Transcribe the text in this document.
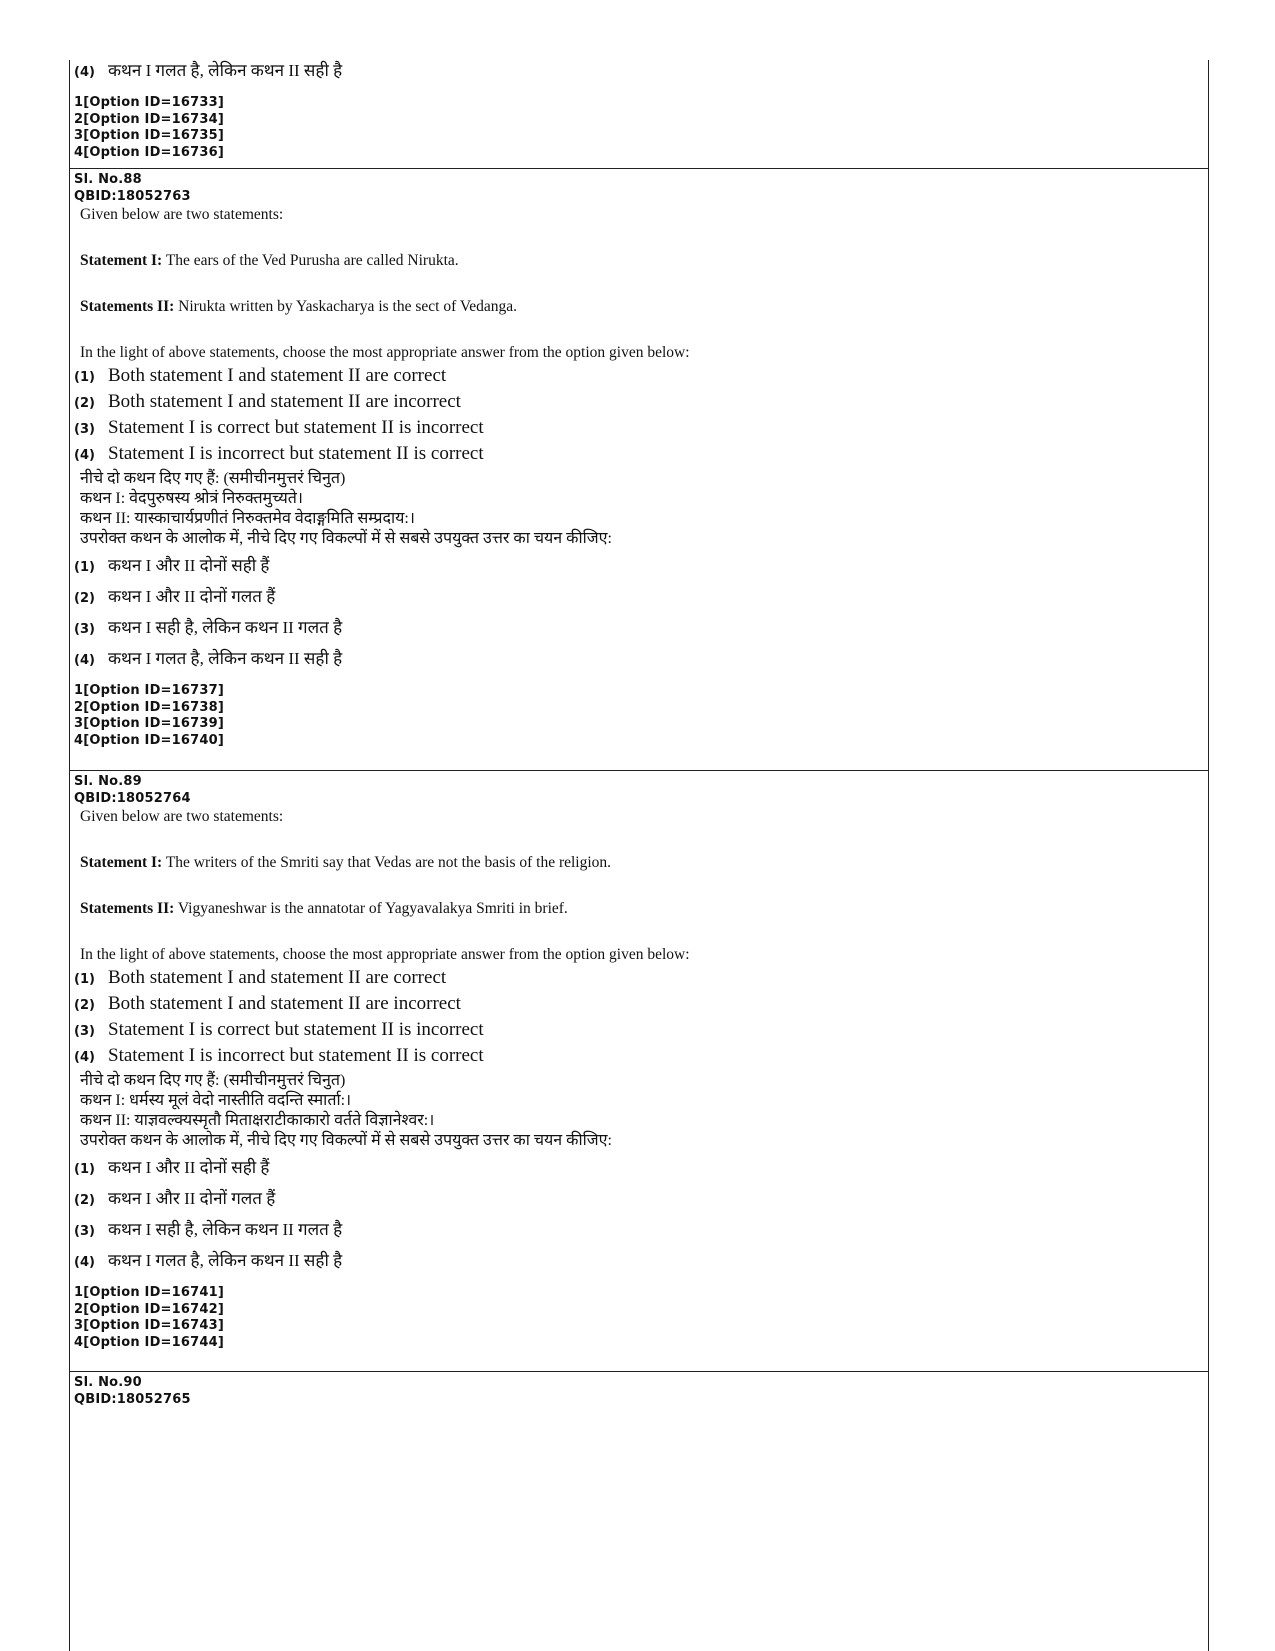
(4) कथन I गलत है, लेकिन कथन II सही है
1[Option ID=16733]
2[Option ID=16734]
3[Option ID=16735]
4[Option ID=16736]
Sl. No.88
QBID:18052763
Given below are two statements:
Statement I: The ears of the Ved Purusha are called Nirukta.
Statements II: Nirukta written by Yaskacharya is the sect of Vedanga.
In the light of above statements, choose the most appropriate answer from the option given below:
(1) Both statement I and statement II are correct
(2) Both statement I and statement II are incorrect
(3) Statement I is correct but statement II is incorrect
(4) Statement I is incorrect but statement II is correct
नीचे दो कथन दिए गए हैं: (समीचीनमुत्तरं चिनुत)
कथन I: वेदपुरुषस्य श्रोत्रं निरुक्तमुच्यते।
कथन II: यास्काचार्यप्रणीतं निरुक्तमेव वेदाङ्गमिति सम्प्रदाय:।
उपरोक्त कथन के आलोक में, नीचे दिए गए विकल्पों में से सबसे उपयुक्त उत्तर का चयन कीजिए:
(1) कथन I और II दोनों सही हैं
(2) कथन I और II दोनों गलत हैं
(3) कथन I सही है, लेकिन कथन II गलत है
(4) कथन I गलत है, लेकिन कथन II सही है
1[Option ID=16737]
2[Option ID=16738]
3[Option ID=16739]
4[Option ID=16740]
Sl. No.89
QBID:18052764
Given below are two statements:
Statement I: The writers of the Smriti say that Vedas are not the basis of the religion.
Statements II: Vigyaneshwar is the annatotar of Yagyavalakya Smriti in brief.
In the light of above statements, choose the most appropriate answer from the option given below:
(1) Both statement I and statement II are correct
(2) Both statement I and statement II are incorrect
(3) Statement I is correct but statement II is incorrect
(4) Statement I is incorrect but statement II is correct
नीचे दो कथन दिए गए हैं: (समीचीनमुत्तरं चिनुत)
कथन I: धर्मस्य मूलं वेदो नास्तीति वदन्ति स्मार्ता:।
कथन II: याज्ञवल्क्यस्मृतौ मिताक्षराटीकाकारो वर्तते विज्ञानेश्वर:।
उपरोक्त कथन के आलोक में, नीचे दिए गए विकल्पों में से सबसे उपयुक्त उत्तर का चयन कीजिए:
(1) कथन I और II दोनों सही हैं
(2) कथन I और II दोनों गलत हैं
(3) कथन I सही है, लेकिन कथन II गलत है
(4) कथन I गलत है, लेकिन कथन II सही है
1[Option ID=16741]
2[Option ID=16742]
3[Option ID=16743]
4[Option ID=16744]
Sl. No.90
QBID:18052765
